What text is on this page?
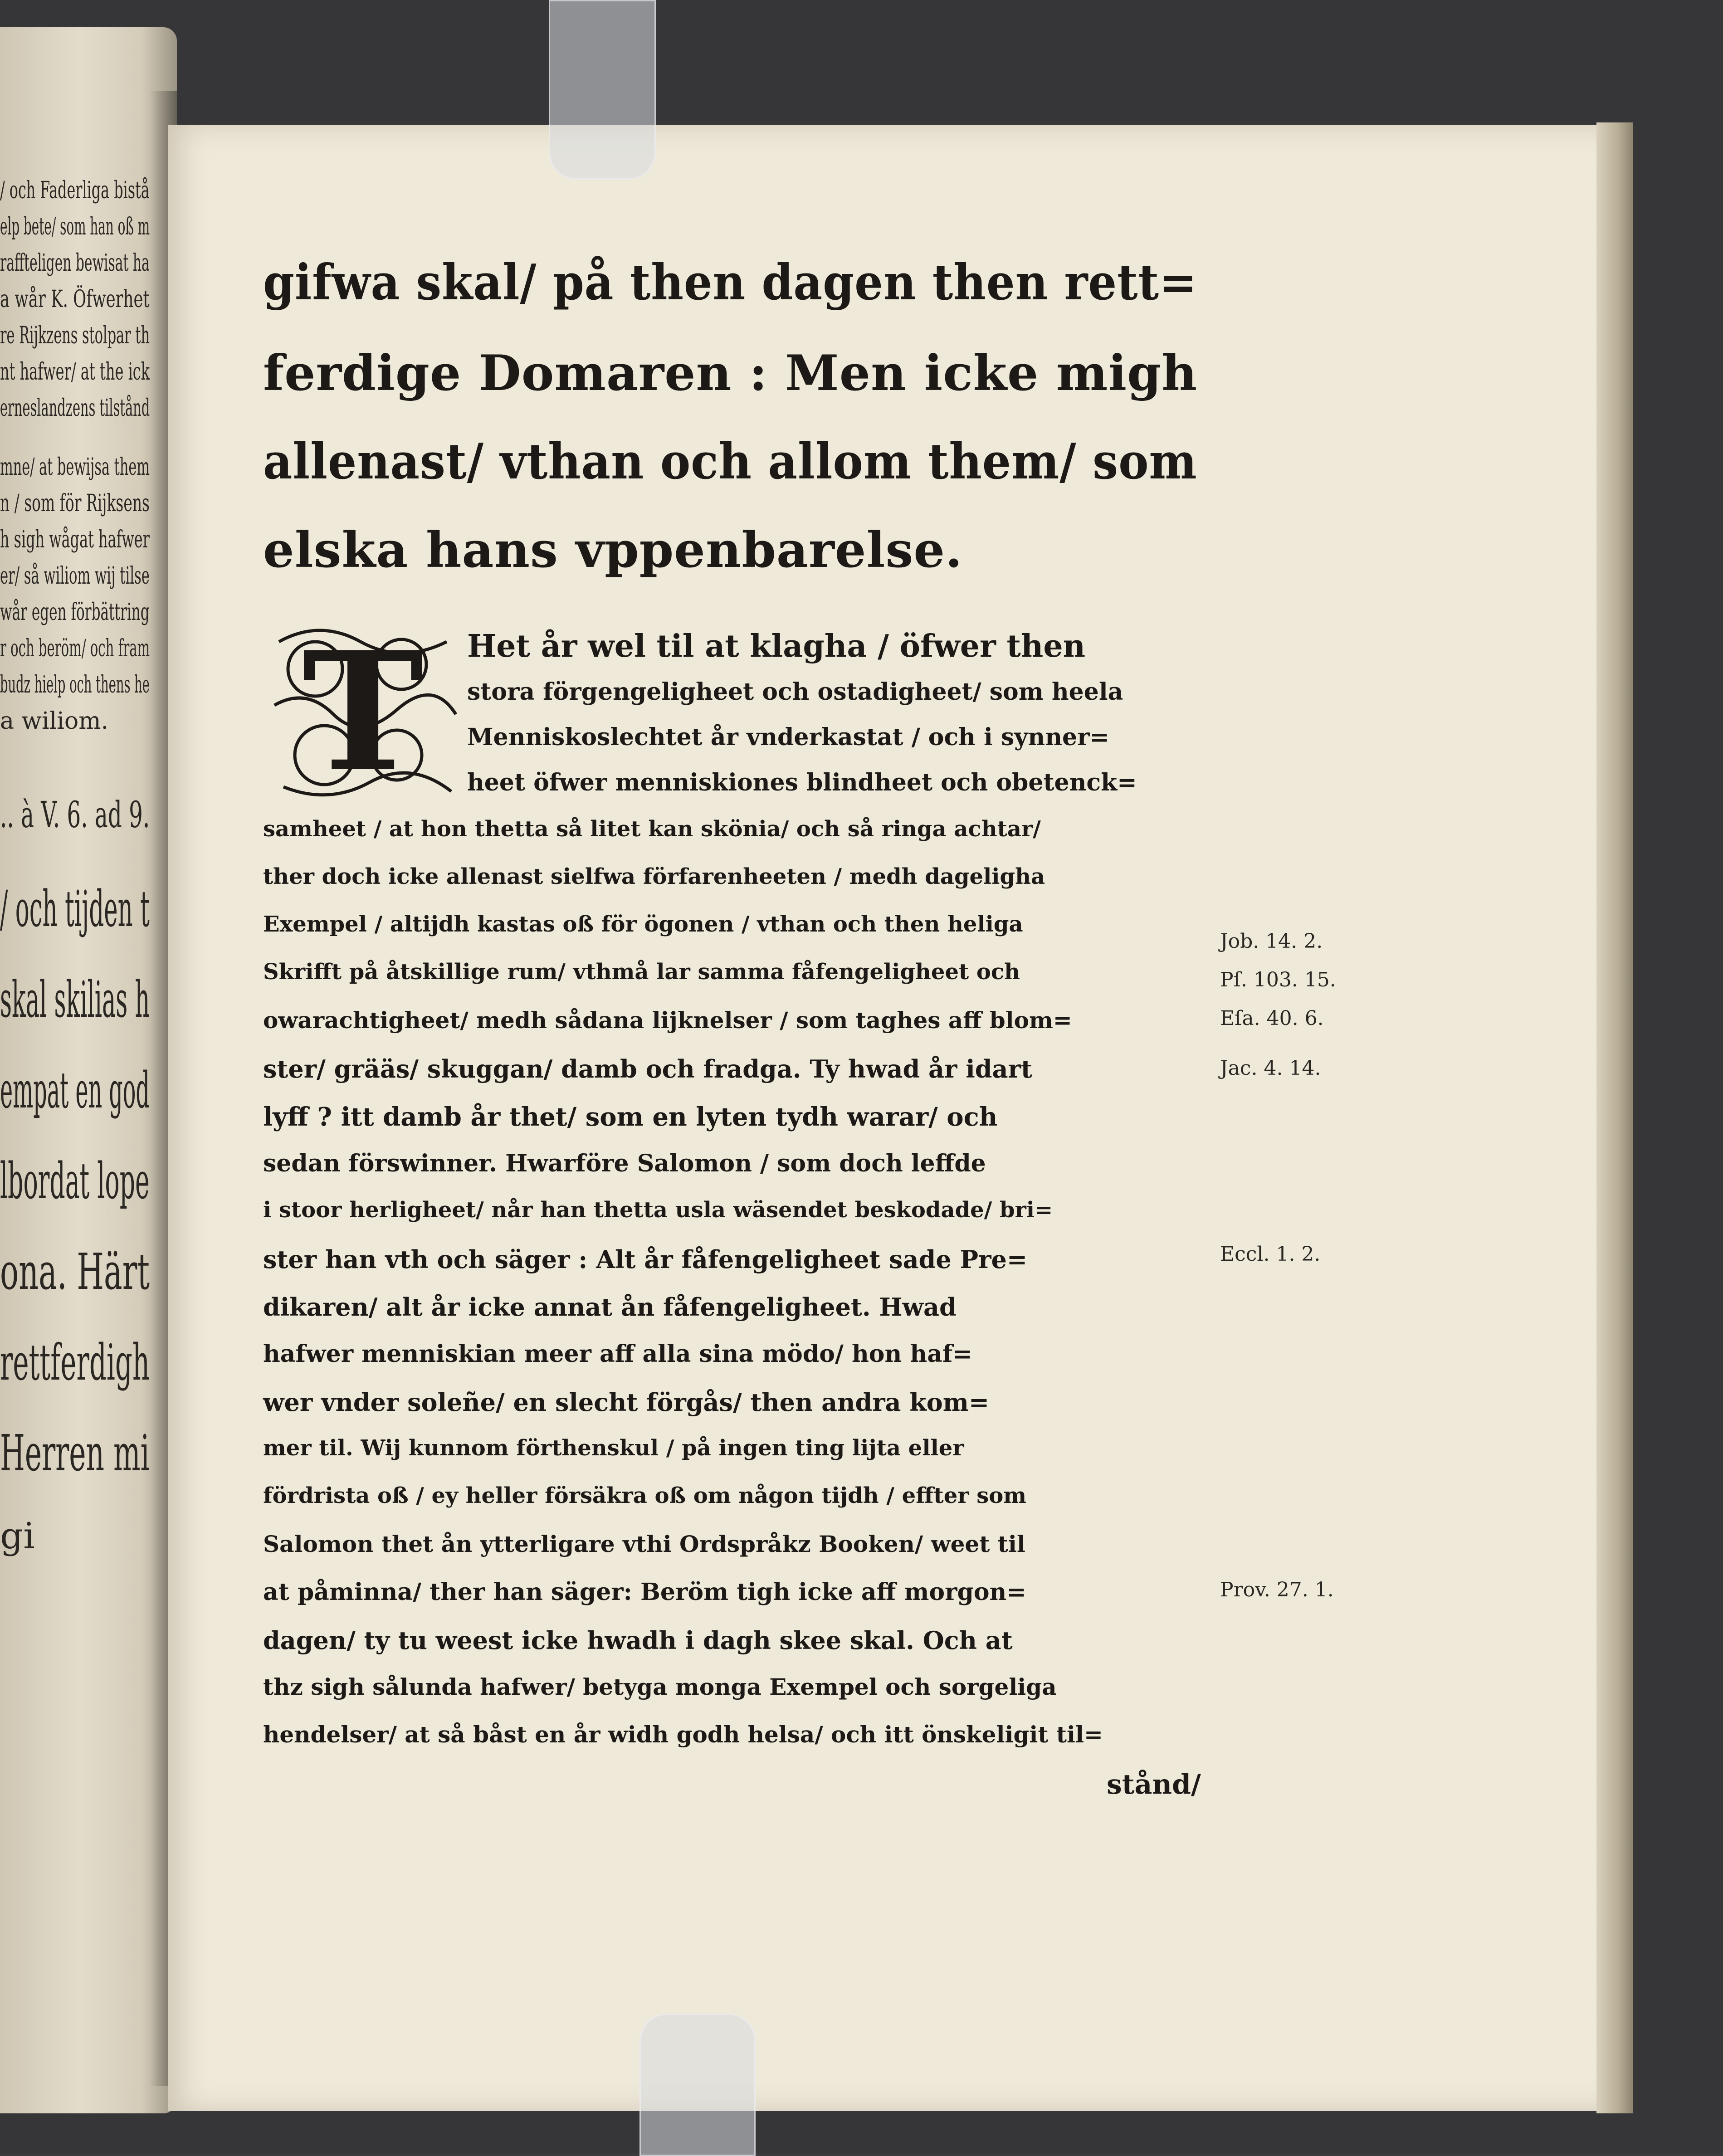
/ och Faderliga bistå
elp bete/ som han oß m
raffteligen bewisat ha
a wår K. Öfwerhet
re Rijkzens stolpar th
nt hafwer/ at the ick
erneslandzens tilstånd
mne/ at bewijsa them
n / som för Rijksens
h sigh wågat hafwer
er/ så wiliom wij tilse
wår egen förbättring
r och beröm/ och fram
budz hielp och thens he
a wiliom.
.. à V. 6. ad 9.
/ och tijden t
skal skilias h
empat en god
lbordat lope
ona. Härt
rettferdigh
Herren mi
gi
gifwa skal/ på then dagen then rett=
ferdige Domaren : Men icke migh
allenast/ vthan och allom them/ som
elska hans vppenbarelse.
T	Het år wel til at klagha / öfwer then
stora förgengeligheet och ostadigheet/ som heela
Menniskoslechtet år vnderkastat / och i synner=
heet öfwer menniskiones blindheet och obetenck=
samheet / at hon thetta så litet kan skönia/ och så ringa achtar/
ther doch icke allenast sielfwa förfarenheeten / medh dageligha
Exempel / altijdh kastas oß för ögonen / vthan och then heliga
Skrifft på åtskillige rum/ vthmå lar samma fåfengeligheet och
owarachtigheet/ medh sådana lijknelser / som taghes aff blom=
ster/ grääs/ skuggan/ damb och fradga. Ty hwad år idart
lyff ? itt damb år thet/ som en lyten tydh warar/ och
sedan förswinner. Hwarföre Salomon / som doch leffde
i stoor herligheet/ når han thetta usla wäsendet beskodade/ bri=
ster han vth och säger : Alt år fåfengeligheet sade Pre=
dikaren/ alt år icke annat ån fåfengeligheet. Hwad
hafwer menniskian meer aff alla sina mödo/ hon haf=
wer vnder soleñe/ en slecht förgås/ then andra kom=
mer til. Wij kunnom förthenskul / på ingen ting lijta eller
fördrista oß / ey heller försäkra oß om någon tijdh / effter som
Salomon thet ån ytterligare vthi Ordspråkz Booken/ weet til
at påminna/ ther han säger: Beröm tigh icke aff morgon=
dagen/ ty tu weest icke hwadh i dagh skee skal. Och at
thz sigh sålunda hafwer/ betyga monga Exempel och sorgeliga
hendelser/ at så båst en år widh godh helsa/ och itt önskeligit til=
stånd/
Job. 14. 2.
Pſ. 103. 15.
Eſa. 40. 6.
Jac. 4. 14.
Eccl. 1. 2.
Prov. 27. 1.
